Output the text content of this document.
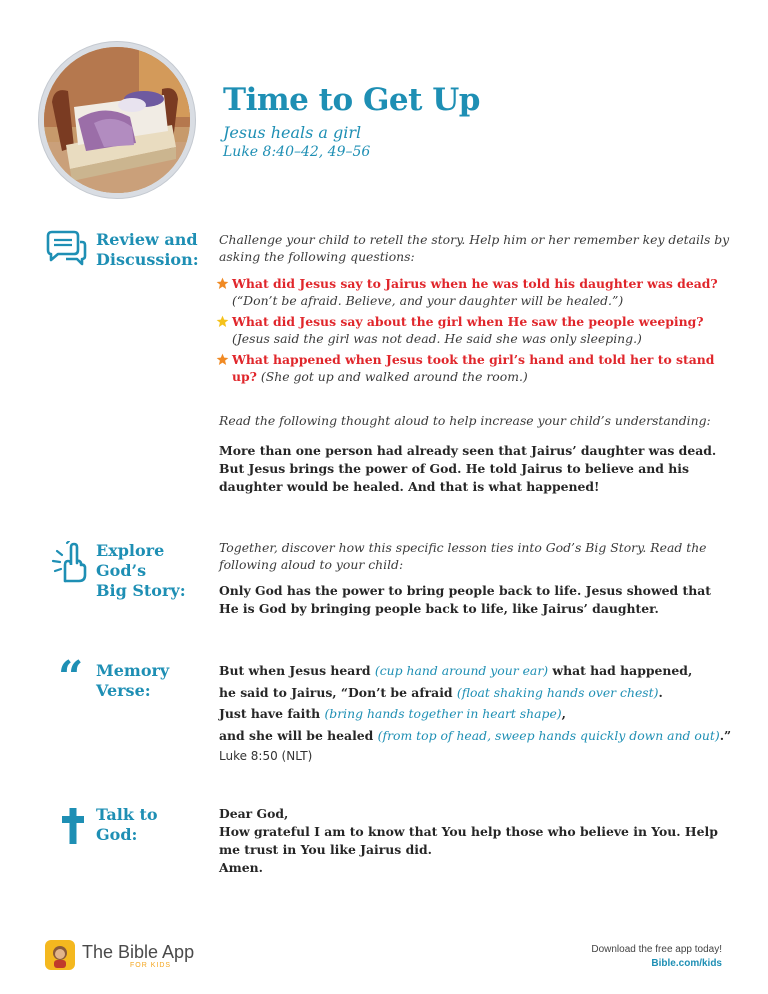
Time to Get Up
Jesus heals a girl
Luke 8:40–42, 49–56
Review and
Discussion:
Challenge your child to retell the story. Help him or her remember key details by asking the following questions:
What did Jesus say to Jairus when he was told his daughter was dead? (“Don’t be afraid. Believe, and your daughter will be healed.”)
What did Jesus say about the girl when He saw the people weeping? (Jesus said the girl was not dead. He said she was only sleeping.)
What happened when Jesus took the girl’s hand and told her to stand up? (She got up and walked around the room.)
Read the following thought aloud to help increase your child’s understanding:
More than one person had already seen that Jairus’ daughter was dead. But Jesus brings the power of God. He told Jairus to believe and his daughter would be healed. And that is what happened!
Explore God’s
Big Story:
Together, discover how this specific lesson ties into God’s Big Story. Read the following aloud to your child:
Only God has the power to bring people back to life. Jesus showed that He is God by bringing people back to life, like Jairus’ daughter.
“ Memory
Verse:
But when Jesus heard (cup hand around your ear) what had happened,
he said to Jairus, “Don’t be afraid (float shaking hands over chest).
Just have faith (bring hands together in heart shape),
and she will be healed (from top of head, sweep hands quickly down and out).”
Luke 8:50 (NLT)
Talk to
God:
Dear God,
How grateful I am to know that You help those who believe in You. Help me trust in You like Jairus did.
Amen.
The Bible App
FOR KIDS
Download the free app today!
Bible.com/kids
